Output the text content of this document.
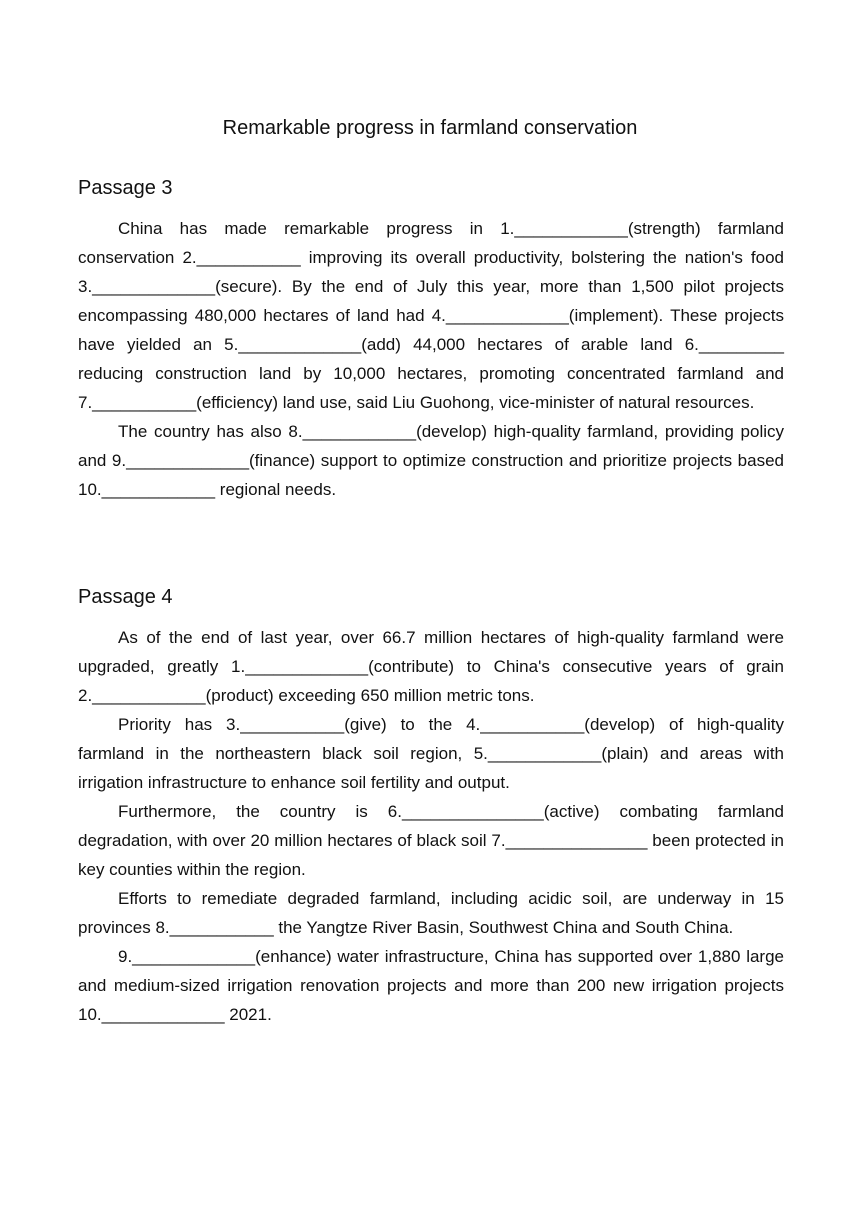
Remarkable progress in farmland conservation
Passage 3

China has made remarkable progress in 1.____________(strength) farmland conservation 2.___________ improving its overall productivity, bolstering the nation's food 3._____________(secure). By the end of July this year, more than 1,500 pilot projects encompassing 480,000 hectares of land had 4._____________(implement). These projects have yielded an 5._____________(add) 44,000 hectares of arable land 6._________ reducing construction land by 10,000 hectares, promoting concentrated farmland and 7.___________(efficiency) land use, said Liu Guohong, vice-minister of natural resources.

The country has also 8.____________(develop) high-quality farmland, providing policy and 9._____________(finance) support to optimize construction and prioritize projects based 10.____________ regional needs.

Passage 4

As of the end of last year, over 66.7 million hectares of high-quality farmland were upgraded, greatly 1._____________(contribute) to China's consecutive years of grain 2.____________(product) exceeding 650 million metric tons.

Priority has 3.___________(give) to the 4.___________(develop) of high-quality farmland in the northeastern black soil region, 5.____________(plain) and areas with irrigation infrastructure to enhance soil fertility and output.

Furthermore, the country is 6._______________(active) combating farmland degradation, with over 20 million hectares of black soil 7._______________ been protected in key counties within the region.

Efforts to remediate degraded farmland, including acidic soil, are underway in 15 provinces 8.___________ the Yangtze River Basin, Southwest China and South China.

9._____________(enhance) water infrastructure, China has supported over 1,880 large and medium-sized irrigation renovation projects and more than 200 new irrigation projects 10._____________ 2021.
